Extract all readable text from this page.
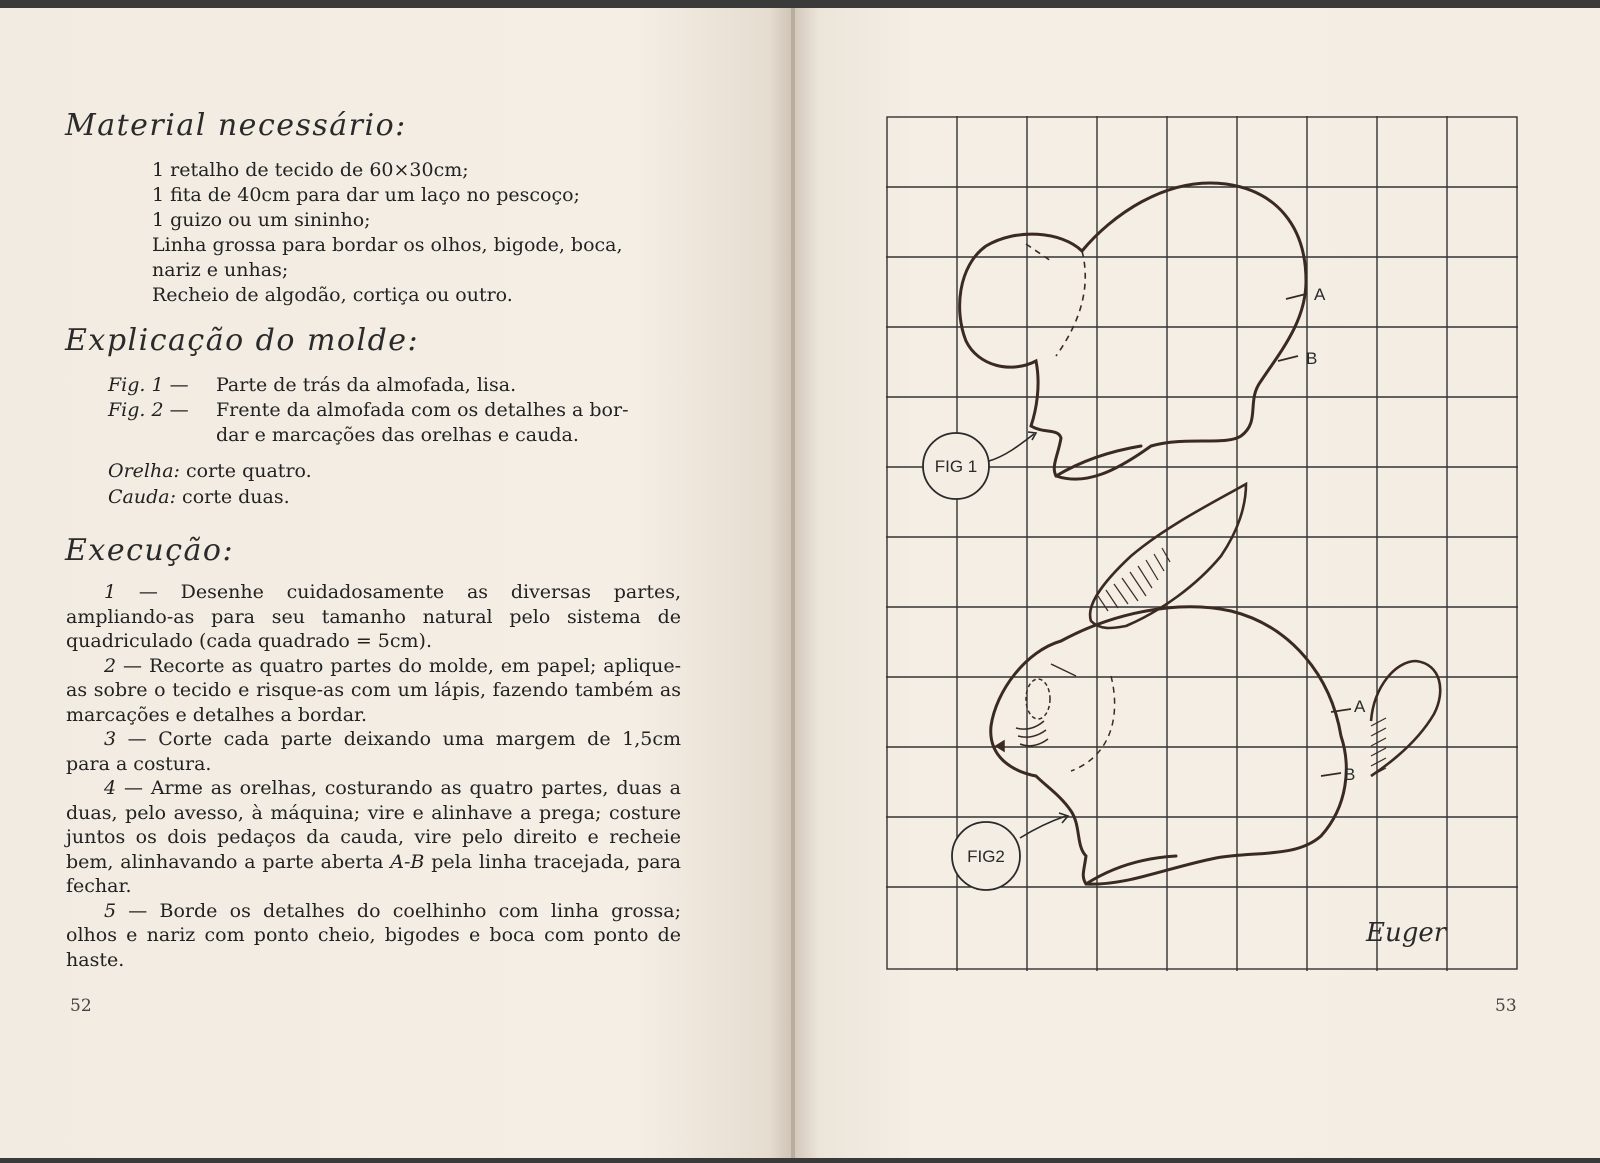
Material necessário:
1 retalho de tecido de 60×30cm;
1 fita de 40cm para dar um laço no pescoço;
1 guizo ou um sininho;
Linha grossa para bordar os olhos, bigode, boca,
nariz e unhas;
Recheio de algodão, cortiça ou outro.
Explicação do molde:
Fig. 1 —	Parte de trás da almofada, lisa.
Fig. 2 —	Frente da almofada com os detalhes a bor-
dar e marcações das orelhas e cauda.
Orelha: corte quatro.
Cauda: corte duas.
Execução:

1 — Desenhe cuidadosamente as diversas partes, ampliando-as para seu tamanho natural pelo sistema de quadriculado (cada quadrado = 5cm).

2 — Recorte as quatro partes do molde, em papel; aplique-as sobre o tecido e risque-as com um lápis, fazendo também as marcações e detalhes a bordar.

3 — Corte cada parte deixando uma margem de 1,5cm para a costura.

4 — Arme as orelhas, costurando as quatro partes, duas a duas, pelo avesso, à máquina; vire e alinhave a prega; costure juntos os dois pedaços da cauda, vire pelo direito e recheie bem, alinhavando a parte aberta A-B pela linha tracejada, para fechar.

5 — Borde os detalhes do coelhinho com linha grossa; olhos e nariz com ponto cheio, bigodes e boca com ponto de haste.

52	53
A
B
FIG 1
A
B
FIG2
Euger
